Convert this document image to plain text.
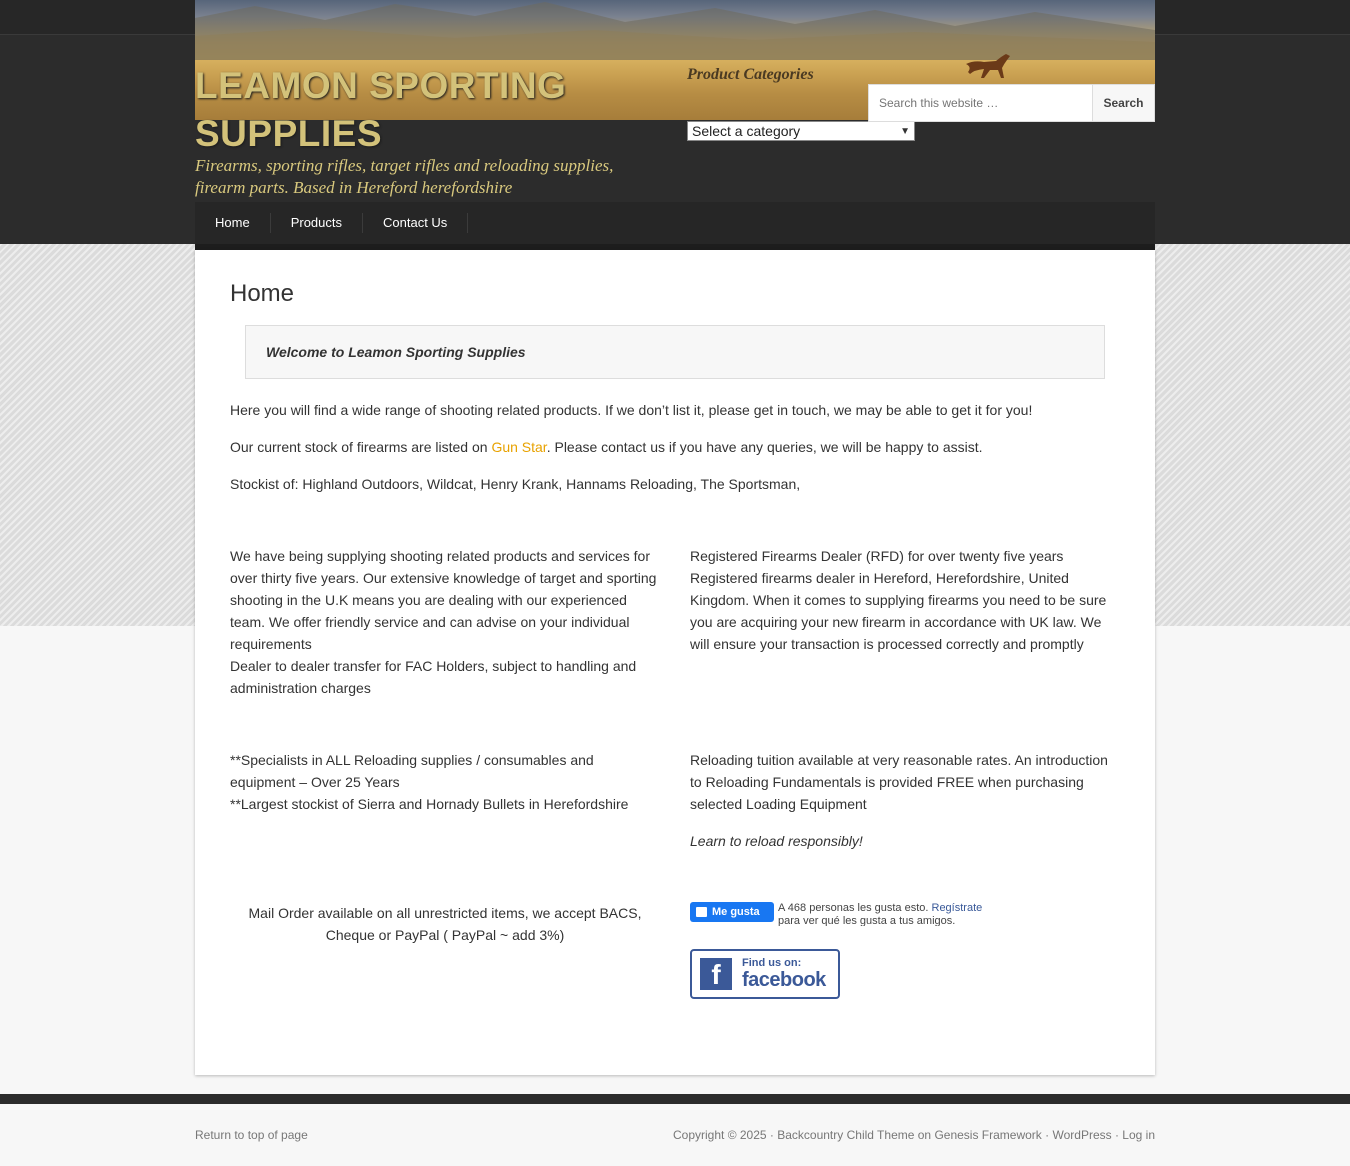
LEAMON SPORTING SUPPLIES
Firearms, sporting rifles, target rifles and reloading supplies, firearm parts. Based in Hereford herefordshire
Product Categories
Select a category	▼
Search this website …
Search
Home	Products	Contact Us
Home
Welcome to Leamon Sporting Supplies

Here you will find a wide range of shooting related products. If we don’t list it, please get in touch, we may be able to get it for you!

Our current stock of firearms are listed on Gun Star. Please contact us if you have any queries, we will be happy to assist.

Stockist of: Highland Outdoors, Wildcat, Henry Krank, Hannams Reloading, The Sportsman,

We have being supplying shooting related products and services for over thirty five years. Our extensive knowledge of target and sporting shooting in the U.K means you are dealing with our experienced team. We offer friendly service and can advise on your individual requirements
Dealer to dealer transfer for FAC Holders, subject to handling and administration charges
Registered Firearms Dealer (RFD) for over twenty five years Registered firearms dealer in Hereford, Herefordshire, United Kingdom. When it comes to supplying firearms you need to be sure you are acquiring your new firearm in accordance with UK law. We will ensure your transaction is processed correctly and promptly
**Specialists in ALL Reloading supplies / consumables and equipment – Over 25 Years
**Largest stockist of Sierra and Hornady Bullets in Herefordshire
Reloading tuition available at very reasonable rates. An introduction to Reloading Fundamentals is provided FREE when purchasing selected Loading Equipment
Learn to reload responsibly!
Mail Order available on all unrestricted items, we accept BACS, Cheque or PayPal ( PayPal ~ add 3%)
Me gusta A 468 personas les gusta esto. Regístrate para ver qué les gusta a tus amigos.
f	Find us on:
facebook
Return to top of page	Copyright © 2025 · Backcountry Child Theme on Genesis Framework · WordPress · Log in
